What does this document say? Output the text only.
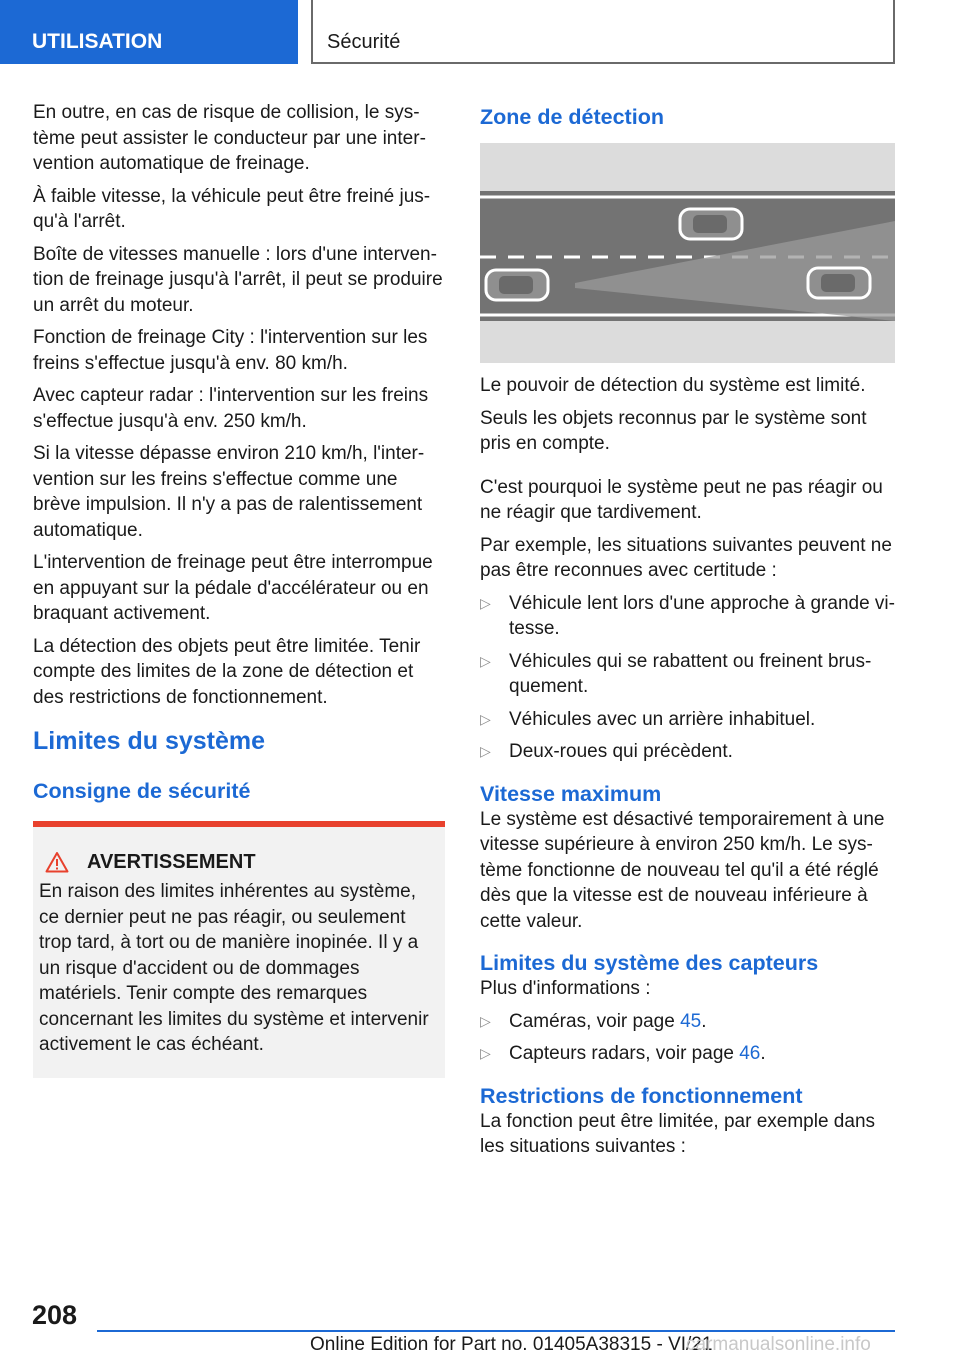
UTILISATION	Sécurité

En outre, en cas de risque de collision, le système peut assister le conducteur par une intervention automatique de freinage.

À faible vitesse, la véhicule peut être freiné jusqu'à l'arrêt.

Boîte de vitesses manuelle : lors d'une intervention de freinage jusqu'à l'arrêt, il peut se produire un arrêt du moteur.

Fonction de freinage City : l'intervention sur les freins s'effectue jusqu'à env. 80 km/h.

Avec capteur radar : l'intervention sur les freins s'effectue jusqu'à env. 250 km/h.

Si la vitesse dépasse environ 210 km/h, l'intervention sur les freins s'effectue comme une brève impulsion. Il n'y a pas de ralentissement automatique.

L'intervention de freinage peut être interrompue en appuyant sur la pédale d'accélérateur ou en braquant activement.

La détection des objets peut être limitée. Tenir compte des limites de la zone de détection et des restrictions de fonctionnement.

Limites du système
Consigne de sécurité
AVERTISSEMENT
En raison des limites inhérentes au système, ce dernier peut ne pas réagir, ou seulement trop tard, à tort ou de manière inopinée. Il y a un risque d'accident ou de dommages matériels. Tenir compte des remarques concernant les limites du système et intervenir activement le cas échéant.
Zone de détection

Le pouvoir de détection du système est limité.

Seuls les objets reconnus par le système sont pris en compte.

C'est pourquoi le système peut ne pas réagir ou ne réagir que tardivement.

Par exemple, les situations suivantes peuvent ne pas être reconnues avec certitude :

▷ Véhicule lent lors d'une approche à grande vitesse.
▷ Véhicules qui se rabattent ou freinent brusquement.
▷ Véhicules avec un arrière inhabituel.
▷ Deux-roues qui précèdent.
Vitesse maximum

Le système est désactivé temporairement à une vitesse supérieure à environ 250 km/h. Le système fonctionne de nouveau tel qu'il a été réglé dès que la vitesse est de nouveau inférieure à cette valeur.

Limites du système des capteurs

Plus d'informations :

▷ Caméras, voir page 45.
▷ Capteurs radars, voir page 46.
Restrictions de fonctionnement

La fonction peut être limitée, par exemple dans les situations suivantes :

208
Online Edition for Part no. 01405A38315 - VI/21
carmanualsonline.info
